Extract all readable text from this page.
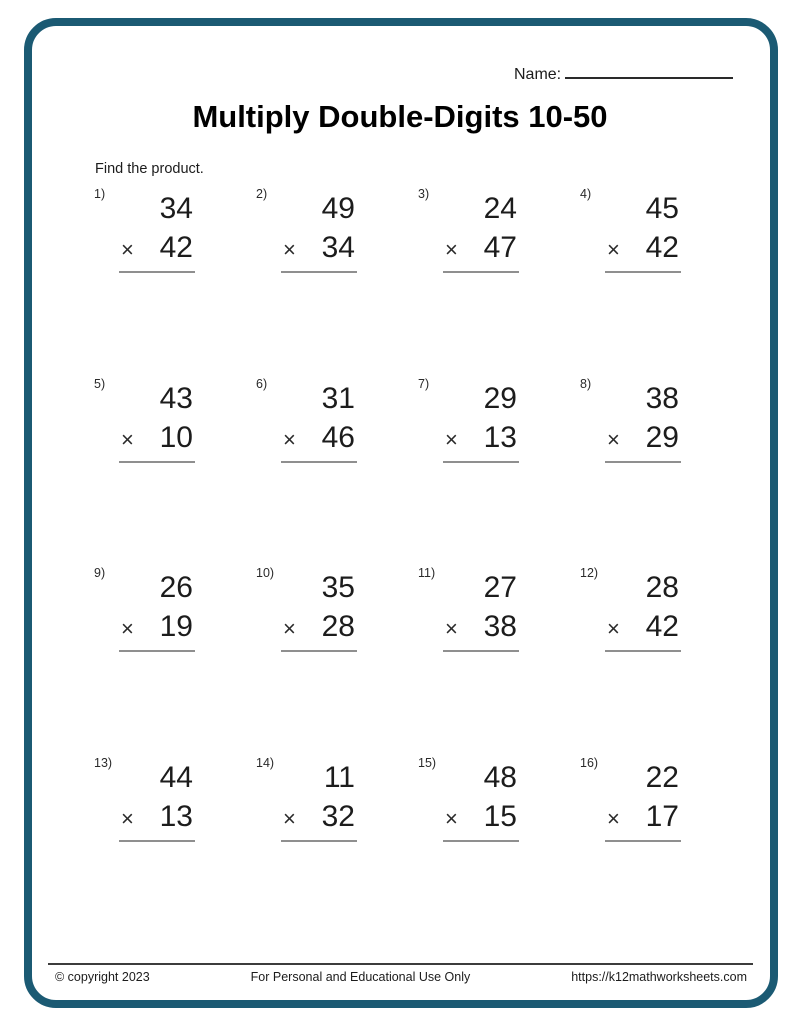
Name:
Multiply Double-Digits 10-50
Find the product.
1)	34
× 42
2)	49
× 34
3)	24
× 47
4)	45
× 42
5)	43
× 10
6)	31
× 46
7)	29
× 13
8)	38
× 29
9)	26
× 19
10)	35
× 28
11)	27
× 38
12)	28
× 42
13)	44
× 13
14)	11
× 32
15)	48
× 15
16)	22
× 17
© copyright 2023	For Personal and Educational Use Only	https://k12mathworksheets.com
